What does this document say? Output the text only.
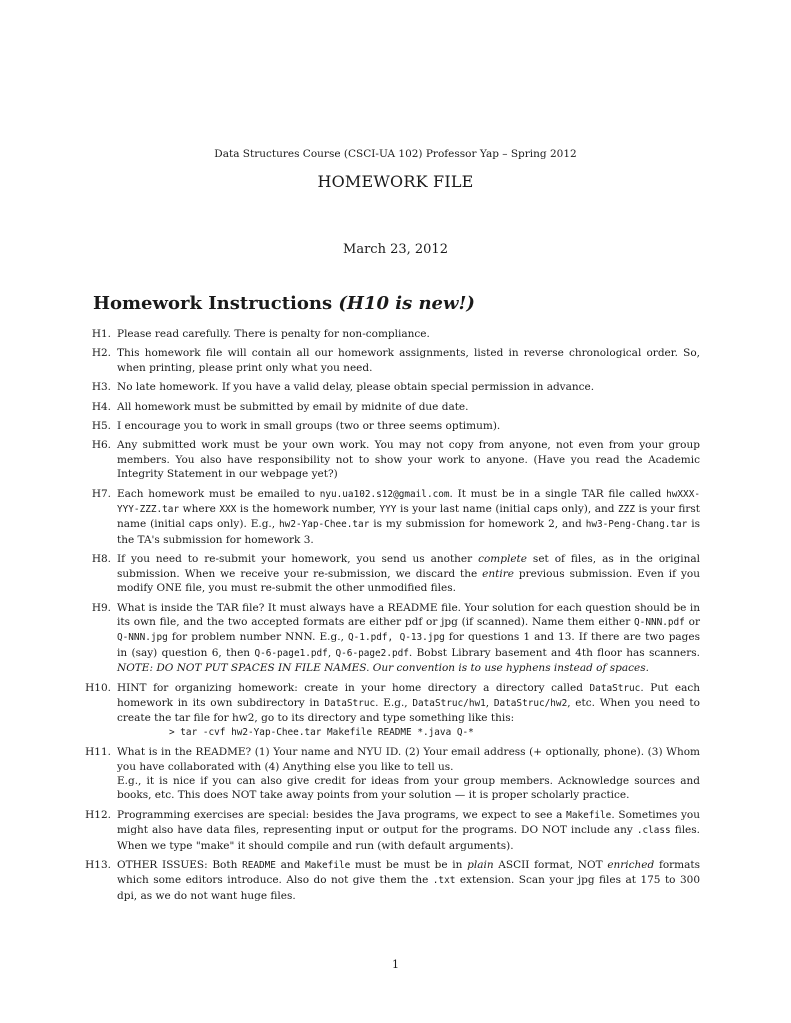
Data Structures Course (CSCI-UA 102) Professor Yap – Spring 2012
HOMEWORK FILE
March 23, 2012
Homework Instructions (H10 is new!)
H1. Please read carefully. There is penalty for non-compliance.
H2. This homework file will contain all our homework assignments, listed in reverse chronological order. So, when printing, please print only what you need.
H3. No late homework. If you have a valid delay, please obtain special permission in advance.
H4. All homework must be submitted by email by midnite of due date.
H5. I encourage you to work in small groups (two or three seems optimum).
H6. Any submitted work must be your own work. You may not copy from anyone, not even from your group members. You also have responsibility not to show your work to anyone. (Have you read the Academic Integrity Statement in our webpage yet?)
H7. Each homework must be emailed to nyu.ua102.s12@gmail.com. It must be in a single TAR file called hwXXX-YYY-ZZZ.tar where XXX is the homework number, YYY is your last name (initial caps only), and ZZZ is your first name (initial caps only). E.g., hw2-Yap-Chee.tar is my submission for homework 2, and hw3-Peng-Chang.tar is the TA's submission for homework 3.
H8. If you need to re-submit your homework, you send us another complete set of files, as in the original submission. When we receive your re-submission, we discard the entire previous submission. Even if you modify ONE file, you must re-submit the other unmodified files.
H9. What is inside the TAR file? It must always have a README file. Your solution for each question should be in its own file, and the two accepted formats are either pdf or jpg (if scanned). Name them either Q-NNN.pdf or Q-NNN.jpg for problem number NNN. E.g., Q-1.pdf, Q-13.jpg for questions 1 and 13. If there are two pages in (say) question 6, then Q-6-page1.pdf, Q-6-page2.pdf. Bobst Library basement and 4th floor has scanners. NOTE: DO NOT PUT SPACES IN FILE NAMES. Our convention is to use hyphens instead of spaces.
H10. HINT for organizing homework: create in your home directory a directory called DataStruc. Put each homework in its own subdirectory in DataStruc. E.g., DataStruc/hw1, DataStruc/hw2, etc. When you need to create the tar file for hw2, go to its directory and type something like this:
> tar -cvf hw2-Yap-Chee.tar Makefile README *.java Q-*
H11. What is in the README? (1) Your name and NYU ID. (2) Your email address (+ optionally, phone). (3) Whom you have collaborated with (4) Anything else you like to tell us.
E.g., it is nice if you can also give credit for ideas from your group members. Acknowledge sources and books, etc. This does NOT take away points from your solution — it is proper scholarly practice.
H12. Programming exercises are special: besides the Java programs, we expect to see a Makefile. Sometimes you might also have data files, representing input or output for the programs. DO NOT include any .class files. When we type "make" it should compile and run (with default arguments).
H13. OTHER ISSUES: Both README and Makefile must be must be in plain ASCII format, NOT enriched formats which some editors introduce. Also do not give them the .txt extension. Scan your jpg files at 175 to 300 dpi, as we do not want huge files.
1
